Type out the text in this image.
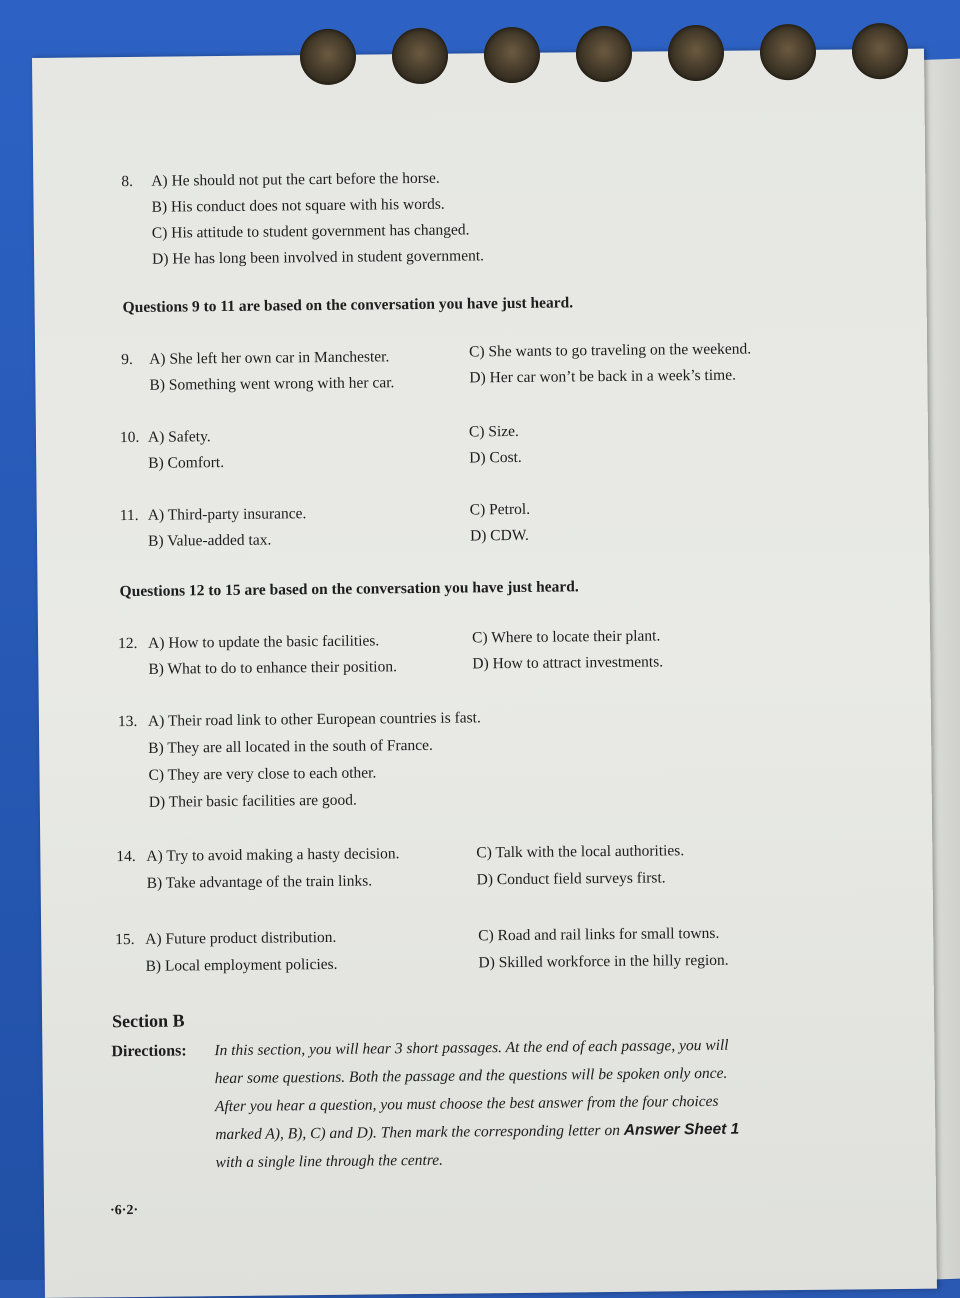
8. A) He should not put the cart before the horse.
B) His conduct does not square with his words.
C) His attitude to student government has changed.
D) He has long been involved in student government.
Questions 9 to 11 are based on the conversation you have just heard.
9. A) She left her own car in Manchester.
B) Something went wrong with her car.
C) She wants to go traveling on the weekend.
D) Her car won’t be back in a week’s time.
10. A) Safety.
B) Comfort.
C) Size.
D) Cost.
11. A) Third-party insurance.
B) Value-added tax.
C) Petrol.
D) CDW.
Questions 12 to 15 are based on the conversation you have just heard.
12. A) How to update the basic facilities.
B) What to do to enhance their position.
C) Where to locate their plant.
D) How to attract investments.
13. A) Their road link to other European countries is fast.
B) They are all located in the south of France.
C) They are very close to each other.
D) Their basic facilities are good.
14. A) Try to avoid making a hasty decision.
B) Take advantage of the train links.
C) Talk with the local authorities.
D) Conduct field surveys first.
15. A) Future product distribution.
B) Local employment policies.
C) Road and rail links for small towns.
D) Skilled workforce in the hilly region.
Section B
Directions: In this section, you will hear 3 short passages. At the end of each passage, you will
hear some questions. Both the passage and the questions will be spoken only once.
After you hear a question, you must choose the best answer from the four choices
marked A), B), C) and D). Then mark the corresponding letter on Answer Sheet 1
with a single line through the centre.
·6·2·
